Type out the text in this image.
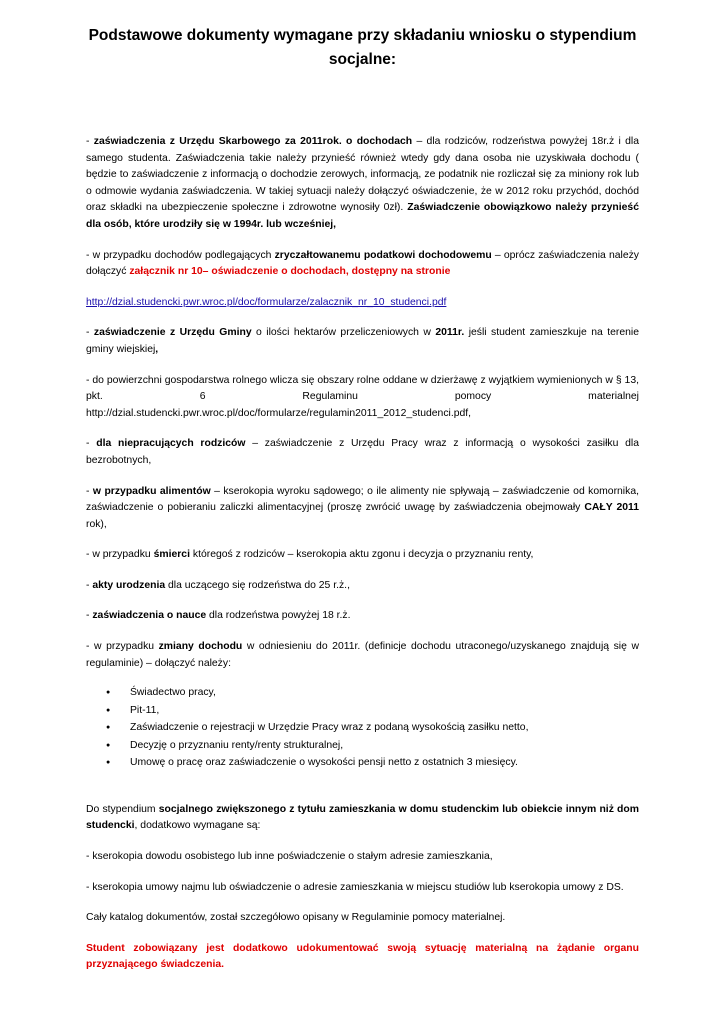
Podstawowe dokumenty wymagane przy składaniu wniosku o stypendium socjalne:

- zaświadczenia z Urzędu Skarbowego za 2011rok. o dochodach – dla rodziców, rodzeństwa powyżej 18r.ż i dla samego studenta. Zaświadczenia takie należy przynieść również wtedy gdy dana osoba nie uzyskiwała dochodu ( będzie to zaświadczenie z informacją o dochodzie zerowych, informacją, ze podatnik nie rozliczał się za miniony rok lub o odmowie wydania zaświadczenia. W takiej sytuacji należy dołączyć oświadczenie, że w 2012 roku przychód, dochód oraz składki na ubezpieczenie społeczne i zdrowotne wynosiły 0zł). Zaświadczenie obowiązkowo należy przynieść dla osób, które urodziły się w 1994r. lub wcześniej,

- w przypadku dochodów podlegających zryczałtowanemu podatkowi dochodowemu – oprócz zaświadczenia należy dołączyć załącznik nr 10– oświadczenie o dochodach, dostępny na stronie

http://dzial.studencki.pwr.wroc.pl/doc/formularze/zalacznik_nr_10_studenci.pdf

- zaświadczenie z Urzędu Gminy o ilości hektarów przeliczeniowych w 2011r. jeśli student zamieszkuje na terenie gminy wiejskiej,

- do powierzchni gospodarstwa rolnego wlicza się obszary rolne oddane w dzierżawę z wyjątkiem wymienionych w § 13, pkt. 6 Regulaminu pomocy materialnej http://dzial.studencki.pwr.wroc.pl/doc/formularze/regulamin2011_2012_studenci.pdf,

- dla niepracujących rodziców – zaświadczenie z Urzędu Pracy wraz z informacją o wysokości zasiłku dla bezrobotnych,

- w przypadku alimentów – kserokopia wyroku sądowego; o ile alimenty nie spływają – zaświadczenie od komornika, zaświadczenie o pobieraniu zaliczki alimentacyjnej (proszę zwrócić uwagę by zaświadczenia obejmowały CAŁY 2011 rok),

- w przypadku śmierci któregoś z rodziców – kserokopia aktu zgonu i decyzja o przyznaniu renty,

- akty urodzenia dla uczącego się rodzeństwa do 25 r.ż.,

- zaświadczenia o nauce dla rodzeństwa powyżej 18 r.ż.

- w przypadku zmiany dochodu w odniesieniu do 2011r. (definicje dochodu utraconego/uzyskanego znajdują się w regulaminie) – dołączyć należy:

● Świadectwo pracy,
● Pit-11,
● Zaświadczenie o rejestracji w Urzędzie Pracy wraz z podaną wysokością zasiłku netto,
● Decyzję o przyznaniu renty/renty strukturalnej,
● Umowę o pracę oraz zaświadczenie o wysokości pensji netto z ostatnich 3 miesięcy.

Do stypendium socjalnego zwiększonego z tytułu zamieszkania w domu studenckim lub obiekcie innym niż dom studencki, dodatkowo wymagane są:

- kserokopia dowodu osobistego lub inne poświadczenie o stałym adresie zamieszkania,

- kserokopia umowy najmu lub oświadczenie o adresie zamieszkania w miejscu studiów lub kserokopia umowy z DS.

Cały katalog dokumentów, został szczegółowo opisany w Regulaminie pomocy materialnej.

Student zobowiązany jest dodatkowo udokumentować swoją sytuację materialną na żądanie organu przyznającego świadczenia.
